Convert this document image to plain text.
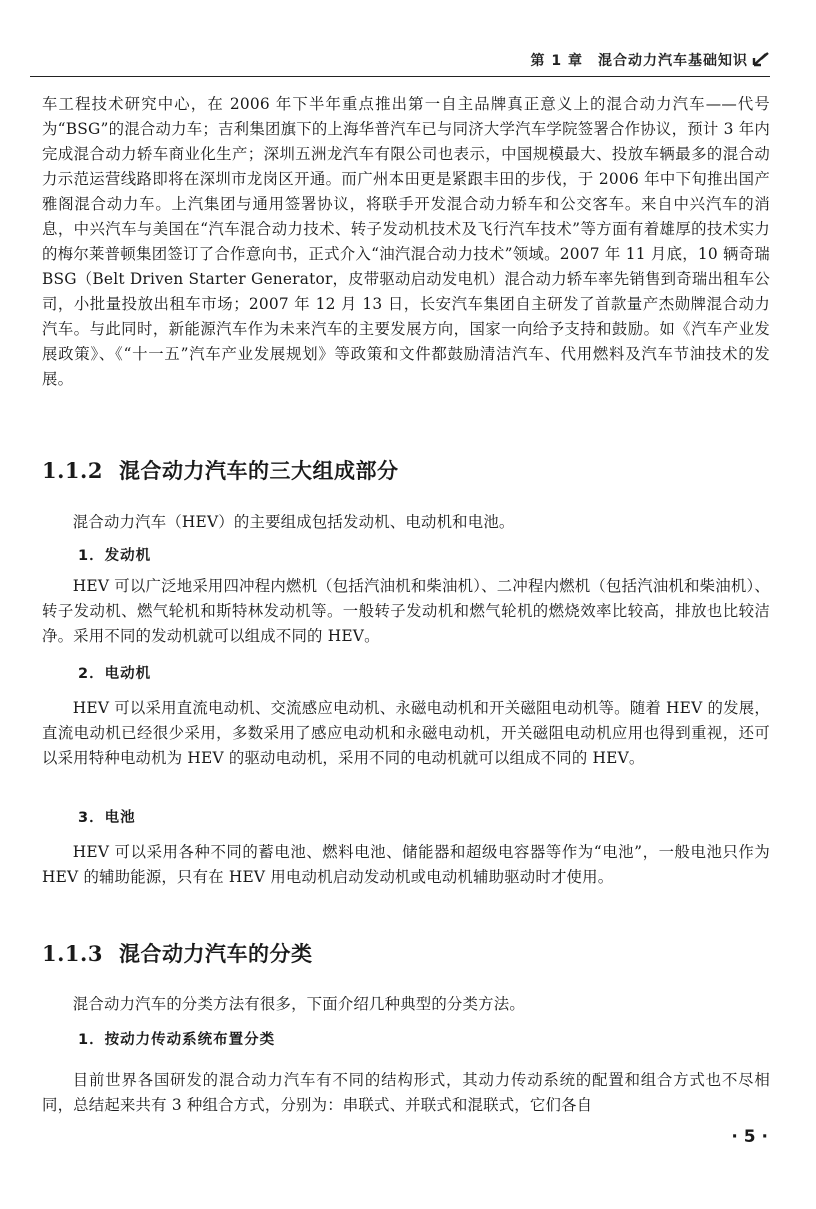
第 1 章　混合动力汽车基础知识

车工程技术研究中心，在 2006 年下半年重点推出第一自主品牌真正意义上的混合动力汽车——代号为“BSG”的混合动力车；吉利集团旗下的上海华普汽车已与同济大学汽车学院签署合作协议，预计 3 年内完成混合动力轿车商业化生产；深圳五洲龙汽车有限公司也表示，中国规模最大、投放车辆最多的混合动力示范运营线路即将在深圳市龙岗区开通。而广州本田更是紧跟丰田的步伐，于 2006 年中下旬推出国产雅阁混合动力车。上汽集团与通用签署协议，将联手开发混合动力轿车和公交客车。来自中兴汽车的消息，中兴汽车与美国在“汽车混合动力技术、转子发动机技术及飞行汽车技术”等方面有着雄厚的技术实力的梅尔莱普顿集团签订了合作意向书，正式介入“油汽混合动力技术”领域。2007 年 11 月底，10 辆奇瑞 BSG（Belt Driven Starter Generator，皮带驱动启动发电机）混合动力轿车率先销售到奇瑞出租车公司，小批量投放出租车市场；2007 年 12 月 13 日，长安汽车集团自主研发了首款量产杰勋牌混合动力汽车。与此同时，新能源汽车作为未来汽车的主要发展方向，国家一向给予支持和鼓励。如《汽车产业发展政策》、《“十一五”汽车产业发展规划》等政策和文件都鼓励清洁汽车、代用燃料及汽车节油技术的发展。

1.1.2 混合动力汽车的三大组成部分

混合动力汽车（HEV）的主要组成包括发动机、电动机和电池。

1．发动机

HEV 可以广泛地采用四冲程内燃机（包括汽油机和柴油机）、二冲程内燃机（包括汽油机和柴油机）、转子发动机、燃气轮机和斯特林发动机等。一般转子发动机和燃气轮机的燃烧效率比较高，排放也比较洁净。采用不同的发动机就可以组成不同的 HEV。

2．电动机

HEV 可以采用直流电动机、交流感应电动机、永磁电动机和开关磁阻电动机等。随着 HEV 的发展，直流电动机已经很少采用，多数采用了感应电动机和永磁电动机，开关磁阻电动机应用也得到重视，还可以采用特种电动机为 HEV 的驱动电动机，采用不同的电动机就可以组成不同的 HEV。

3．电池

HEV 可以采用各种不同的蓄电池、燃料电池、储能器和超级电容器等作为“电池”，一般电池只作为 HEV 的辅助能源，只有在 HEV 用电动机启动发动机或电动机辅助驱动时才使用。

1.1.3 混合动力汽车的分类

混合动力汽车的分类方法有很多，下面介绍几种典型的分类方法。

1．按动力传动系统布置分类

目前世界各国研发的混合动力汽车有不同的结构形式，其动力传动系统的配置和组合方式也不尽相同，总结起来共有 3 种组合方式，分别为：串联式、并联式和混联式，它们各自

· 5 ·
